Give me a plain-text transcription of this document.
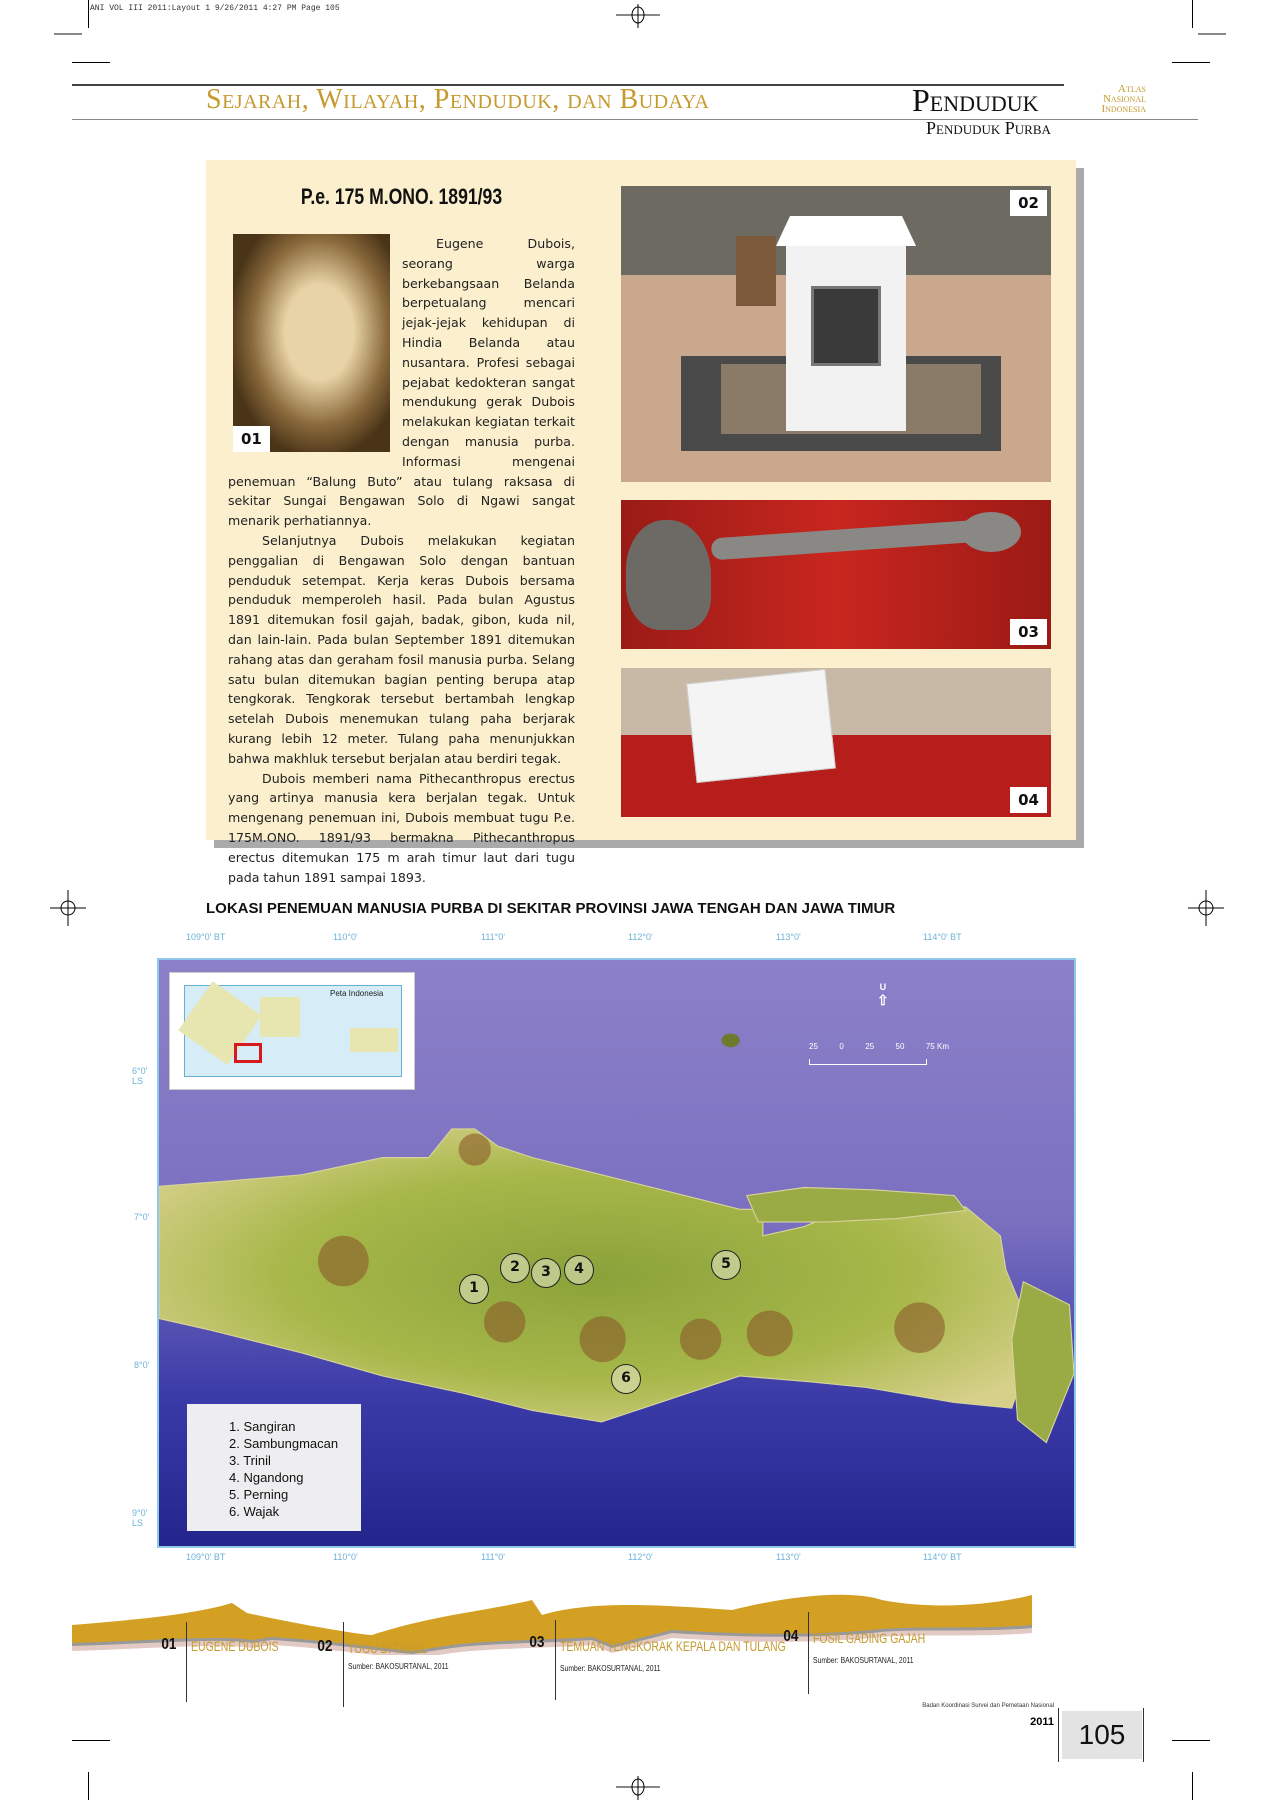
ANI VOL III 2011:Layout 1 9/26/2011 4:27 PM Page 105
Sejarah, Wilayah, Penduduk, dan Budaya	Penduduk	Atlas
Nasional
Indonesia
Penduduk Purba
P.e. 175 M.ONO. 1891/93
01

Eugene Dubois, seorang warga berkebangsaan Belanda berpetualang mencari jejak-jejak kehidupan di Hindia Belanda atau nusantara. Profesi sebagai pejabat kedokteran sangat mendukung gerak Dubois melakukan kegiatan terkait dengan manusia purba. Informasi mengenai penemuan “Balung Buto” atau tulang raksasa di sekitar Sungai Bengawan Solo di Ngawi sangat menarik perhatiannya.

Selanjutnya Dubois melakukan kegiatan penggalian di Bengawan Solo dengan bantuan penduduk setempat. Kerja keras Dubois bersama penduduk memperoleh hasil. Pada bulan Agustus 1891 ditemukan fosil gajah, badak, gibon, kuda nil, dan lain-lain. Pada bulan September 1891 ditemukan rahang atas dan geraham fosil manusia purba. Selang satu bulan ditemukan bagian penting berupa atap tengkorak. Tengkorak tersebut bertambah lengkap setelah Dubois menemukan tulang paha berjarak kurang lebih 12 meter. Tulang paha menunjukkan bahwa makhluk tersebut berjalan atau berdiri tegak.

Dubois memberi nama Pithecanthropus erectus yang artinya manusia kera berjalan tegak. Untuk mengenang penemuan ini, Dubois membuat tugu P.e. 175M.ONO. 1891/93 bermakna Pithecanthropus erectus ditemukan 175 m arah timur laut dari tugu pada tahun 1891 sampai 1893.

02
03
04
LOKASI PENEMUAN MANUSIA PURBA DI SEKITAR PROVINSI JAWA TENGAH DAN JAWA TIMUR
109°0' BT	110°0'	111°0'	112°0'	113°0'	114°0' BT
6°0' LS
7°0'
8°0'
9°0' LS
Peta Indonesia
U
⇧
25	0	25	50	75 Km
1
2	3	4	5
6
1. Sangiran
2. Sambungmacan
3. Trinil
4. Ngandong
5. Perning
6. Wajak
109°0' BT	110°0'	111°0'	112°0'	113°0'	114°0' BT
01 EUGENE DUBOIS 02 TUGU DI TRINIL
Sumber: BAKOSURTANAL, 2011
03 TEMUAN TENGKORAK KEPALA DAN TULANG
Sumber: BAKOSURTANAL, 2011
04 FOSIL GADING GAJAH
Sumber: BAKOSURTANAL, 2011
Badan Koordinasi Survei dan Pemetaan Nasional
2011 105
